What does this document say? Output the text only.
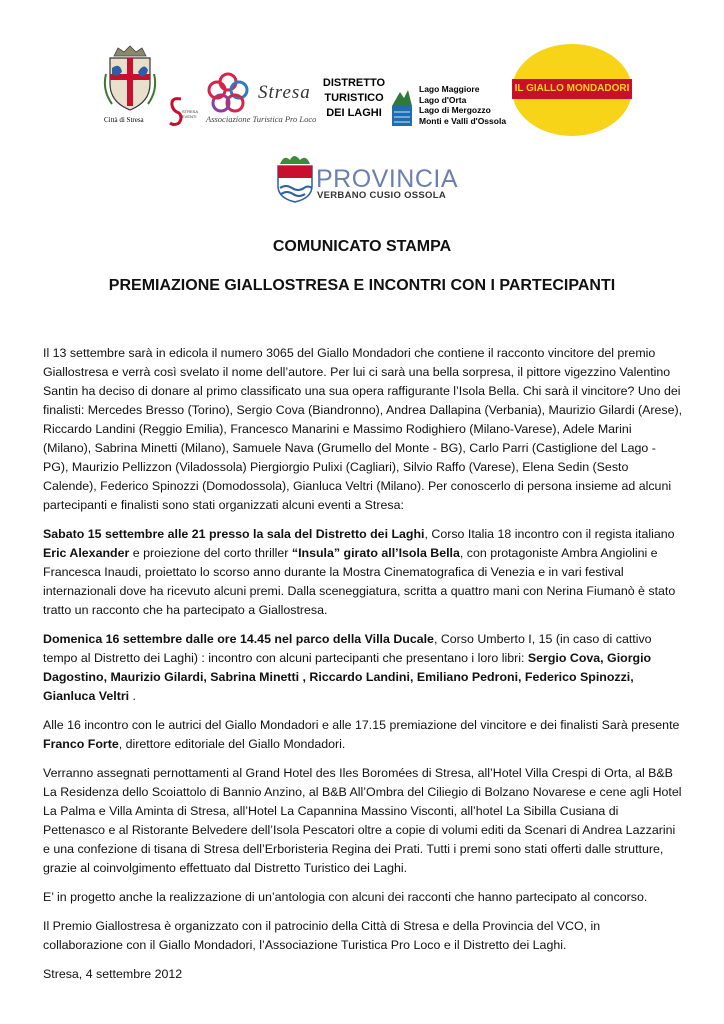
Città di Stresa
STRESA EVENTI
Stresa
Associazione Turistica Pro Loco
DISTRETTO
TURISTICO
DEI LAGHI
Lago Maggiore
Lago d'Orta
Lago di Mergozzo
Monti e Valli d'Ossola
IL GIALLO MONDADORI
PROVINCIA
VERBANO CUSIO OSSOLA
COMUNICATO STAMPA
PREMIAZIONE GIALLOSTRESA E INCONTRI CON I PARTECIPANTI

Il 13 settembre sarà in edicola il numero 3065 del Giallo Mondadori che contiene il racconto vincitore del premio Giallostresa e verrà così svelato il nome dell’autore. Per lui ci sarà una bella sorpresa, il pittore vigezzino Valentino Santin ha deciso di donare al primo classificato una sua opera raffigurante l’Isola Bella. Chi sarà il vincitore? Uno dei finalisti: Mercedes Bresso (Torino), Sergio Cova (Biandronno), Andrea Dallapina (Verbania), Maurizio Gilardi (Arese), Riccardo Landini (Reggio Emilia), Francesco Manarini e Massimo Rodighiero (Milano-Varese), Adele Marini (Milano), Sabrina Minetti (Milano), Samuele Nava (Grumello del Monte - BG), Carlo Parri (Castiglione del Lago - PG), Maurizio Pellizzon (Viladossola) Piergiorgio Pulixi (Cagliari), Silvio Raffo (Varese), Elena Sedin (Sesto Calende), Federico Spinozzi (Domodossola), Gianluca Veltri (Milano). Per conoscerlo di persona insieme ad alcuni partecipanti e finalisti sono stati organizzati alcuni eventi a Stresa:

Sabato 15 settembre alle 21 presso la sala del Distretto dei Laghi, Corso Italia 18 incontro con il regista italiano Eric Alexander e proiezione del corto thriller “Insula” girato all’Isola Bella, con protagoniste Ambra Angiolini e Francesca Inaudi, proiettato lo scorso anno durante la Mostra Cinematografica di Venezia e in vari festival internazionali dove ha ricevuto alcuni premi. Dalla sceneggiatura, scritta a quattro mani con Nerina Fiumanò è stato tratto un racconto che ha partecipato a Giallostresa.

Domenica 16 settembre dalle ore 14.45 nel parco della Villa Ducale, Corso Umberto I, 15 (in caso di cattivo tempo al Distretto dei Laghi) : incontro con alcuni partecipanti che presentano i loro libri: Sergio Cova, Giorgio Dagostino, Maurizio Gilardi, Sabrina Minetti , Riccardo Landini, Emiliano Pedroni, Federico Spinozzi, Gianluca Veltri .

Alle 16 incontro con le autrici del Giallo Mondadori e alle 17.15 premiazione del vincitore e dei finalisti Sarà presente Franco Forte, direttore editoriale del Giallo Mondadori.

Verranno assegnati pernottamenti al Grand Hotel des Iles Boromées di Stresa, all’Hotel Villa Crespi di Orta, al B&B La Residenza dello Scoiattolo di Bannio Anzino, al B&B All’Ombra del Ciliegio di Bolzano Novarese e cene agli Hotel La Palma e Villa Aminta di Stresa, all’Hotel La Capannina Massino Visconti, all’hotel La Sibilla Cusiana di Pettenasco e al Ristorante Belvedere dell’Isola Pescatori oltre a copie di volumi editi da Scenari di Andrea Lazzarini e una confezione di tisana di Stresa dell’Erboristeria Regina dei Prati. Tutti i premi sono stati offerti dalle strutture, grazie al coinvolgimento effettuato dal Distretto Turistico dei Laghi.

E’ in progetto anche la realizzazione di un’antologia con alcuni dei racconti che hanno partecipato al concorso.

Il Premio Giallostresa è organizzato con il patrocinio della Città di Stresa e della Provincia del VCO, in collaborazione con il Giallo Mondadori, l’Associazione Turistica Pro Loco e il Distretto dei Laghi.

Stresa, 4 settembre 2012
